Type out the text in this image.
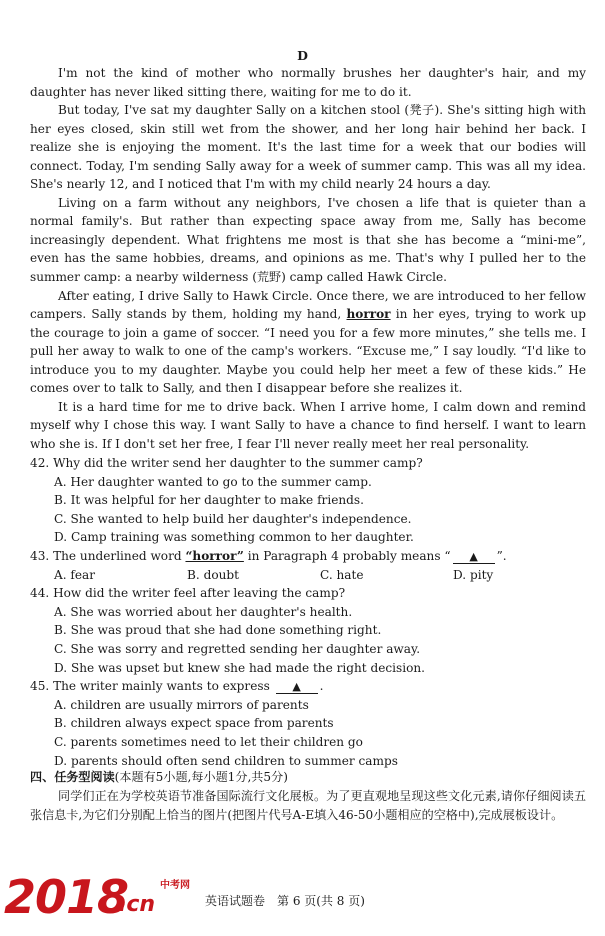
D

I'm not the kind of mother who normally brushes her daughter's hair, and my daughter has never liked sitting there, waiting for me to do it.

But today, I've sat my daughter Sally on a kitchen stool (凳子). She's sitting high with her eyes closed, skin still wet from the shower, and her long hair behind her back. I realize she is enjoying the moment. It's the last time for a week that our bodies will connect. Today, I'm sending Sally away for a week of summer camp. This was all my idea. She's nearly 12, and I noticed that I'm with my child nearly 24 hours a day.

Living on a farm without any neighbors, I've chosen a life that is quieter than a normal family's. But rather than expecting space away from me, Sally has become increasingly dependent. What frightens me most is that she has become a “mini-me”, even has the same hobbies, dreams, and opinions as me. That's why I pulled her to the summer camp: a nearby wilderness (荒野) camp called Hawk Circle.

After eating, I drive Sally to Hawk Circle. Once there, we are introduced to her fellow campers. Sally stands by them, holding my hand, horror in her eyes, trying to work up the courage to join a game of soccer. “I need you for a few more minutes,” she tells me. I pull her away to walk to one of the camp's workers. “Excuse me,” I say loudly. “I'd like to introduce you to my daughter. Maybe you could help her meet a few of these kids.” He comes over to talk to Sally, and then I disappear before she realizes it.

It is a hard time for me to drive back. When I arrive home, I calm down and remind myself why I chose this way. I want Sally to have a chance to find herself. I want to learn who she is. If I don't set her free, I fear I'll never really meet her real personality.

42. Why did the writer send her daughter to the summer camp?

A. Her daughter wanted to go to the summer camp.

B. It was helpful for her daughter to make friends.

C. She wanted to help build her daughter's independence.

D. Camp training was something common to her daughter.

43. The underlined word “horror” in Paragraph 4 probably means “ ▲ ”.

A. fear	B. doubt	C. hate	D. pity

44. How did the writer feel after leaving the camp?

A. She was worried about her daughter's health.

B. She was proud that she had done something right.

C. She was sorry and regretted sending her daughter away.

D. She was upset but knew she had made the right decision.

45. The writer mainly wants to express ▲ .

A. children are usually mirrors of parents

B. children always expect space from parents

C. parents sometimes need to let their children go

D. parents should often send children to summer camps

四、任务型阅读(本题有5小题,每小题1分,共5分)

同学们正在为学校英语节准备国际流行文化展板。为了更直观地呈现这些文化元素,请你仔细阅读五张信息卡,为它们分别配上恰当的图片(把图片代号A-E填入46-50小题相应的空格中),完成展板设计。

2018
.cn
中考网
英语试题卷　第 6 页(共 8 页)
